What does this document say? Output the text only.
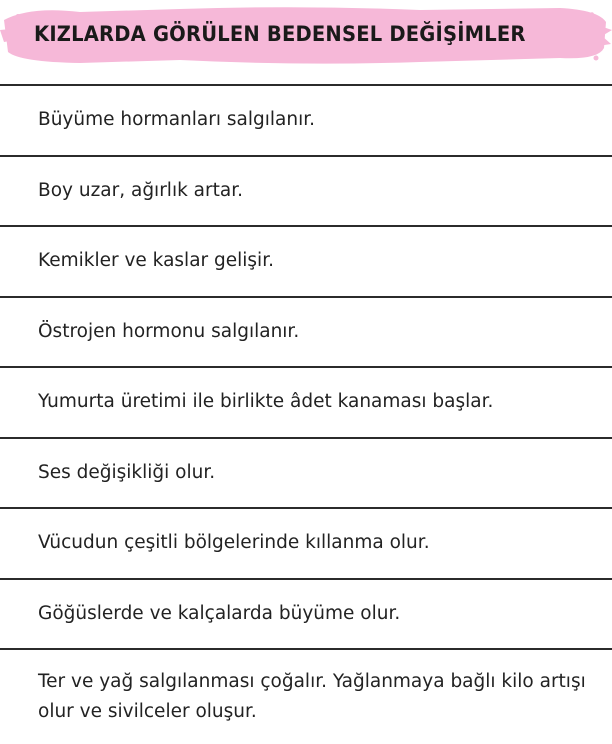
KIZLARDA GÖRÜLEN BEDENSEL DEĞİŞİMLER
Büyüme hormanları salgılanır.
Boy uzar, ağırlık artar.
Kemikler ve kaslar gelişir.
Östrojen hormonu salgılanır.
Yumurta üretimi ile birlikte âdet kanaması başlar.
Ses değişikliği olur.
Vücudun çeşitli bölgelerinde kıllanma olur.
Göğüslerde ve kalçalarda büyüme olur.
Ter ve yağ salgılanması çoğalır. Yağlanmaya bağlı kilo artışı olur ve sivilceler oluşur.
